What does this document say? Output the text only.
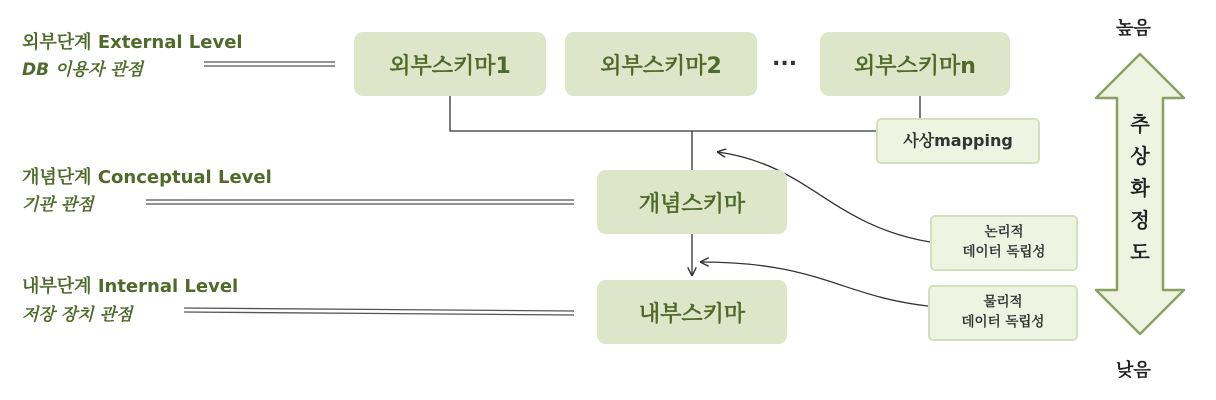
외부단계 External Level
DB 이용자 관점
개념단계 Conceptual Level
기관 관점
내부단계 Internal Level
저장 장치 관점
외부스키마1	외부스키마2	...	외부스키마n
개념스키마
내부스키마
사상mapping
논리적
데이터 독립성
물리적
데이터 독립성
높음
낮음
추
상
화
정
도
